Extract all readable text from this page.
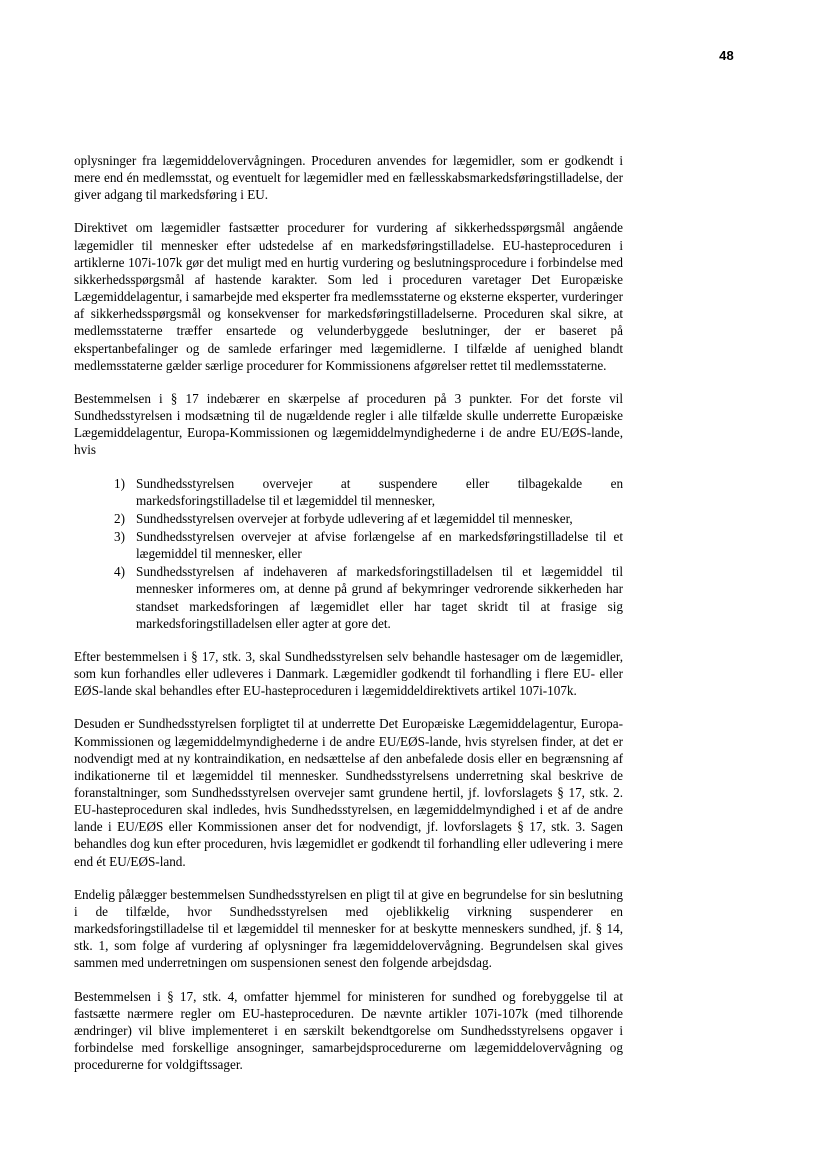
48

oplysninger fra lægemiddelovervågningen. Proceduren anvendes for lægemidler, som er godkendt i mere end én medlemsstat, og eventuelt for lægemidler med en fællesskabsmarkedsføringstilladelse, der giver adgang til markedsføring i EU.

Direktivet om lægemidler fastsætter procedurer for vurdering af sikkerhedsspørgsmål angående lægemidler til mennesker efter udstedelse af en markedsføringstilladelse. EU-hasteproceduren i artiklerne 107i-107k gør det muligt med en hurtig vurdering og beslutningsprocedure i forbindelse med sikkerhedsspørgsmål af hastende karakter. Som led i proceduren varetager Det Europæiske Lægemiddelagentur, i samarbejde med eksperter fra medlemsstaterne og eksterne eksperter, vurderinger af sikkerhedsspørgsmål og konsekvenser for markedsføringstilladelserne. Proceduren skal sikre, at medlemsstaterne træffer ensartede og velunderbyggede beslutninger, der er baseret på ekspertanbefalinger og de samlede erfaringer med lægemidlerne. I tilfælde af uenighed blandt medlemsstaterne gælder særlige procedurer for Kommissionens afgørelser rettet til medlemsstaterne.

Bestemmelsen i § 17 indebærer en skærpelse af proceduren på 3 punkter. For det forste vil Sundhedsstyrelsen i modsætning til de nugældende regler i alle tilfælde skulle underrette Europæiske Lægemiddelagentur, Europa-Kommissionen og lægemiddelmyndighederne i de andre EU/EØS-lande, hvis

Sundhedsstyrelsen overvejer at suspendere eller tilbagekalde en
markedsforingstilladelse til et lægemiddel til mennesker,
Sundhedsstyrelsen overvejer at forbyde udlevering af et lægemiddel til mennesker,
Sundhedsstyrelsen overvejer at afvise forlængelse af en markedsføringstilladelse til et lægemiddel til mennesker, eller
Sundhedsstyrelsen af indehaveren af markedsforingstilladelsen til et lægemiddel til mennesker informeres om, at denne på grund af bekymringer vedrorende sikkerheden har standset markedsforingen af lægemidlet eller har taget skridt til at frasige sig markedsforingstilladelsen eller agter at gore det.

Efter bestemmelsen i § 17, stk. 3, skal Sundhedsstyrelsen selv behandle hastesager om de lægemidler, som kun forhandles eller udleveres i Danmark. Lægemidler godkendt til forhandling i flere EU- eller EØS-lande skal behandles efter EU-hasteproceduren i lægemiddeldirektivets artikel 107i-107k.

Desuden er Sundhedsstyrelsen forpligtet til at underrette Det Europæiske Lægemiddelagentur, Europa-Kommissionen og lægemiddelmyndighederne i de andre EU/EØS-lande, hvis styrelsen finder, at det er nodvendigt med at ny kontraindikation, en nedsættelse af den anbefalede dosis eller en begrænsning af indikationerne til et lægemiddel til mennesker. Sundhedsstyrelsens underretning skal beskrive de foranstaltninger, som Sundhedsstyrelsen overvejer samt grundene hertil, jf. lovforslagets § 17, stk. 2. EU-hasteproceduren skal indledes, hvis Sundhedsstyrelsen, en lægemiddelmyndighed i et af de andre lande i EU/EØS eller Kommissionen anser det for nodvendigt, jf. lovforslagets § 17, stk. 3. Sagen behandles dog kun efter proceduren, hvis lægemidlet er godkendt til forhandling eller udlevering i mere end ét EU/EØS-land.

Endelig pålægger bestemmelsen Sundhedsstyrelsen en pligt til at give en begrundelse for sin beslutning i de tilfælde, hvor Sundhedsstyrelsen med ojeblikkelig virkning suspenderer en markedsforingstilladelse til et lægemiddel til mennesker for at beskytte menneskers sundhed, jf. § 14, stk. 1, som folge af vurdering af oplysninger fra lægemiddelovervågning. Begrundelsen skal gives sammen med underretningen om suspensionen senest den folgende arbejdsdag.

Bestemmelsen i § 17, stk. 4, omfatter hjemmel for ministeren for sundhed og forebyggelse til at fastsætte nærmere regler om EU-hasteproceduren. De nævnte artikler 107i-107k (med tilhorende ændringer) vil blive implementeret i en særskilt bekendtgorelse om Sundhedsstyrelsens opgaver i forbindelse med forskellige ansogninger, samarbejdsprocedurerne om lægemiddelovervågning og procedurerne for voldgiftssager.
